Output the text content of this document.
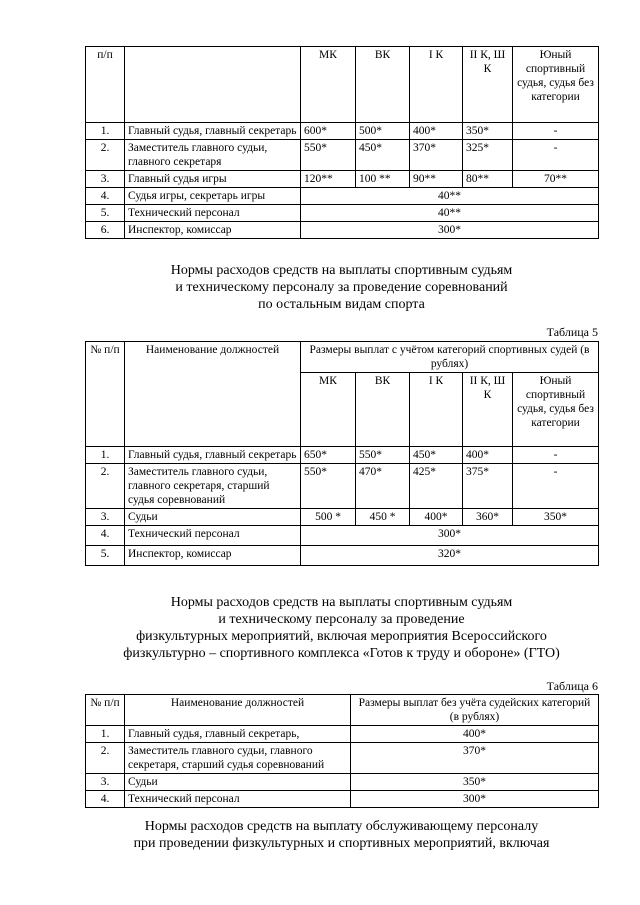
п/п		МК	ВК	I К	II К, Ш К	Юный спортивный судья, судья без категории
1.	Главный судья, главный секретарь	600*	500*	400*	350*	-
2.	Заместитель главного судьи, главного секретаря	550*	450*	370*	325*	-
3.	Главный судья игры	120**	100 **	90**	80**	70**
4.	Судья игры, секретарь игры	40**				
5.	Технический персонал	40**				
6.	Инспектор, комиссар	300*				
Нормы расходов средств на выплаты спортивным судьям
и техническому персоналу за проведение соревнований
по остальным видам спорта
Таблица 5
№ п/п	Наименование должностей	Размеры выплат с учётом категорий спортивных судей (в рублях)				
		МК	ВК	I К	II К, Ш К	Юный спортивный судья, судья без категории
1.	Главный судья, главный секретарь	650*	550*	450*	400*	-
2.	Заместитель главного судьи, главного секретаря, старший судья соревнований	550*	470*	425*	375*	-
3.	Судьи	500 *	450 *	400*	360*	350*
4.	Технический персонал	300*				
5.	Инспектор, комиссар	320*				
Нормы расходов средств на выплаты спортивным судьям
и техническому персоналу за проведение
физкультурных мероприятий, включая мероприятия Всероссийского
физкультурно – спортивного комплекса «Готов к труду и обороне» (ГТО)
Таблица 6
№ п/п	Наименование должностей	Размеры выплат без учёта судейских категорий (в рублях)
1.	Главный судья, главный секретарь,	400*
2.	Заместитель главного судьи, главного секретаря, старший судья соревнований	370*
3.	Судьи	350*
4.	Технический персонал	300*
Нормы расходов средств на выплату обслуживающему персоналу
при проведении физкультурных и спортивных мероприятий, включая
